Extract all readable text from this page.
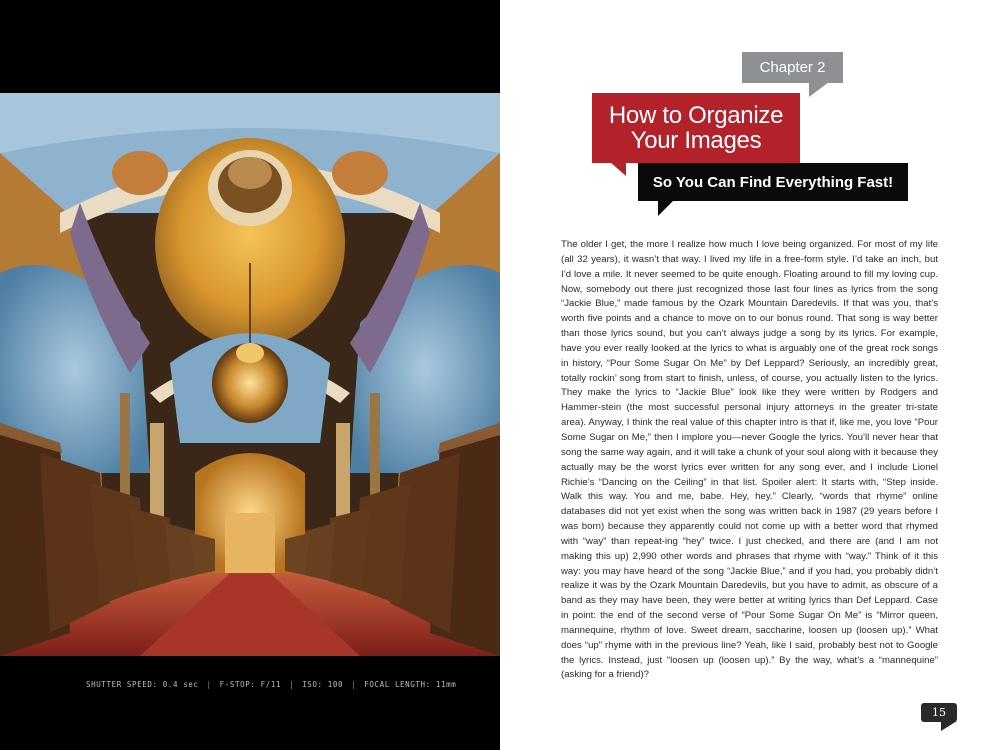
SHUTTER SPEED: 0.4 sec | F-STOP: F/11 | ISO: 100 | FOCAL LENGTH: 11mm
Chapter 2
How to Organize
Your Images
So You Can Find Everything Fast!

The older I get, the more I realize how much I love being organized. For most of my life (all 32 years), it wasn’t that way. I lived my life in a free-form style. I’d take an inch, but I’d love a mile. It never seemed to be quite enough. Floating around to fill my loving cup. Now, somebody out there just recognized those last four lines as lyrics from the song “Jackie Blue,” made famous by the Ozark Mountain Daredevils. If that was you, that’s worth five points and a chance to move on to our bonus round. That song is way better than those lyrics sound, but you can’t always judge a song by its lyrics. For example, have you ever really looked at the lyrics to what is arguably one of the great rock songs in history, “Pour Some Sugar On Me” by Def Leppard? Seriously, an incredibly great, totally rockin’ song from start to finish, unless, of course, you actually listen to the lyrics. They make the lyrics to “Jackie Blue” look like they were written by Rodgers and Hammer-stein (the most successful personal injury attorneys in the greater tri-state area). Anyway, I think the real value of this chapter intro is that if, like me, you love “Pour Some Sugar on Me,” then I implore you—never Google the lyrics. You’ll never hear that song the same way again, and it will take a chunk of your soul along with it because they actually may be the worst lyrics ever written for any song ever, and I include Lionel Richie’s “Dancing on the Ceiling” in that list. Spoiler alert: It starts with, “Step inside. Walk this way. You and me, babe. Hey, hey.” Clearly, “words that rhyme” online databases did not yet exist when the song was written back in 1987 (29 years before I was born) because they apparently could not come up with a better word that rhymed with “way” than repeat-ing “hey” twice. I just checked, and there are (and I am not making this up) 2,990 other words and phrases that rhyme with “way.” Think of it this way: you may have heard of the song “Jackie Blue,” and if you had, you probably didn’t realize it was by the Ozark Mountain Daredevils, but you have to admit, as obscure of a band as they may have been, they were better at writing lyrics than Def Leppard. Case in point: the end of the second verse of “Pour Some Sugar On Me” is “Mirror queen, mannequine, rhythm of love. Sweet dream, saccharine, loosen up (loosen up).” What does “up” rhyme with in the previous line? Yeah, like I said, probably best not to Google the lyrics. Instead, just “loosen up (loosen up).” By the way, what’s a “mannequine” (asking for a friend)?

15
